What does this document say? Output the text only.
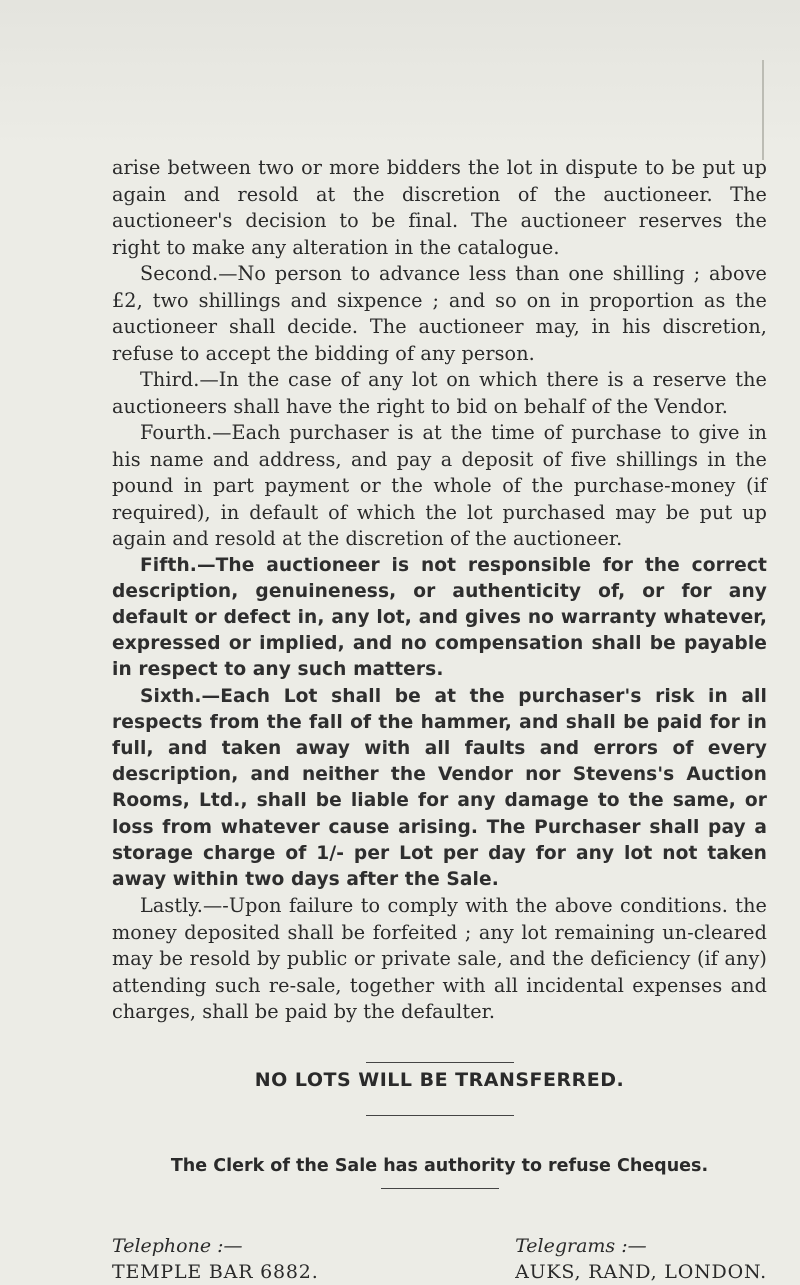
arise between two or more bidders the lot in dispute to be put up again and resold at the discretion of the auctioneer. The auctioneer's decision to be final. The auctioneer reserves the right to make any alteration in the catalogue.

Second.—No person to advance less than one shilling ; above £2, two shillings and sixpence ; and so on in proportion as the auctioneer shall decide. The auctioneer may, in his discretion, refuse to accept the bidding of any person.

Third.—In the case of any lot on which there is a reserve the auctioneers shall have the right to bid on behalf of the Vendor.

Fourth.—Each purchaser is at the time of purchase to give in his name and address, and pay a deposit of five shillings in the pound in part payment or the whole of the purchase-money (if required), in default of which the lot purchased may be put up again and resold at the discretion of the auctioneer.

Fifth.—The auctioneer is not responsible for the correct description, genuineness, or authenticity of, or for any default or defect in, any lot, and gives no warranty whatever, expressed or implied, and no compensation shall be payable in respect to any such matters.

Sixth.—Each Lot shall be at the purchaser's risk in all respects from the fall of the hammer, and shall be paid for in full, and taken away with all faults and errors of every description, and neither the Vendor nor Stevens's Auction Rooms, Ltd., shall be liable for any damage to the same, or loss from whatever cause arising. The Purchaser shall pay a storage charge of 1/- per Lot per day for any lot not taken away within two days after the Sale.

Lastly.—-Upon failure to comply with the above conditions. the money deposited shall be forfeited ; any lot remaining un-cleared may be resold by public or private sale, and the deficiency (if any) attending such re-sale, together with all incidental expenses and charges, shall be paid by the defaulter.

NO LOTS WILL BE TRANSFERRED.
The Clerk of the Sale has authority to refuse Cheques.
Telephone :—
TEMPLE BAR 6882.
Telegrams :—
AUKS, RAND, LONDON.
